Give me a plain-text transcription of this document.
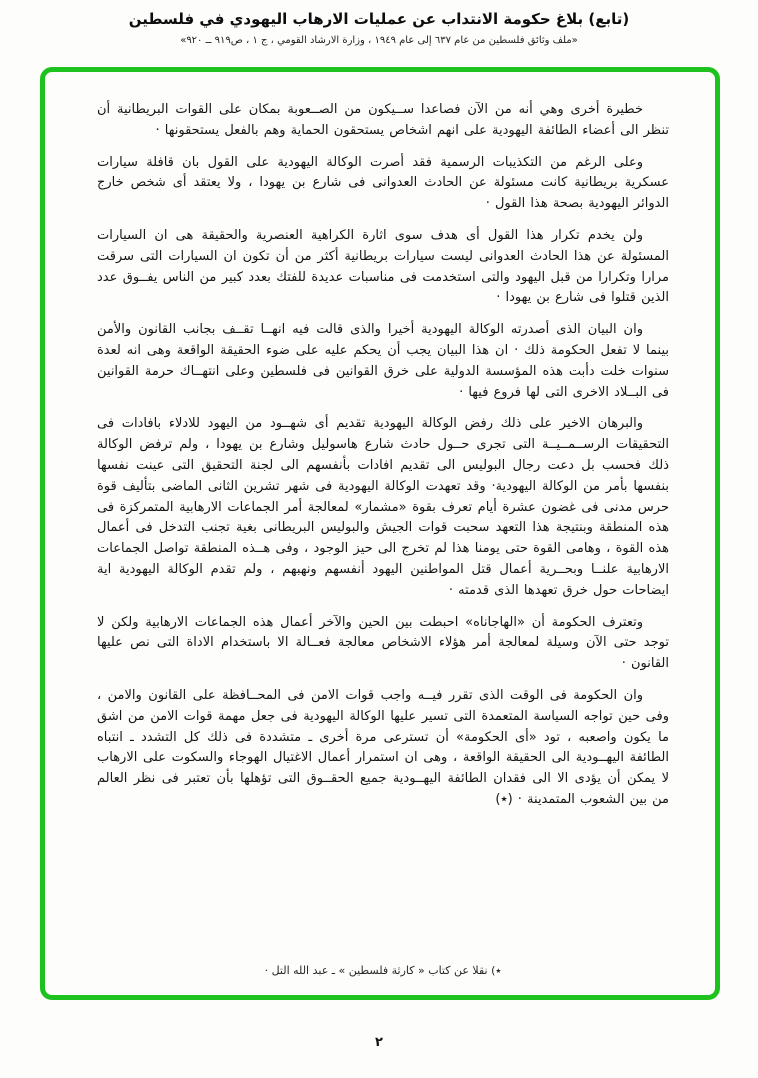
(تابع) بلاغ حكومة الانتداب عن عمليات الارهاب اليهودي في فلسطين
«ملف وثائق فلسطين من عام ٦٣٧ إلى عام ١٩٤٩ ، وزارة الارشاد القومي ، ج ١ ، ص٩١٩ ــ ٩٢٠»

خطيرة أخرى وهي أنه من الآن فصاعدا ســيكون من الصــعوبة بمكان على القوات البريطانية أن تنظر الى أعضاء الطائفة اليهودية على انهم اشخاص يستحقون الحماية وهم بالفعل يستحقونها ·

وعلى الرغم من التكذيبات الرسمية فقد أصرت الوكالة اليهودية على القول بان قافلة سيارات عسكرية بريطانية كانت مسئولة عن الحادث العدوانى فى شارع بن يهودا ، ولا يعتقد أى شخص خارج الدوائر اليهودية بصحة هذا القول ·

ولن يخدم تكرار هذا القول أى هدف سوى اثارة الكراهية العنصرية والحقيقة هى ان السيارات المسئولة عن هذا الحادث العدوانى ليست سيارات بريطانية أكثر من أن تكون ان السيارات التى سرقت مرارا وتكرارا من قبل اليهود والتى استخدمت فى مناسبات عديدة للفتك بعدد كبير من الناس يفــوق عدد الذين قتلوا فى شارع بن يهودا ·

وان البيان الذى أصدرته الوكالة اليهودية أخيرا والذى قالت فيه انهــا تقــف بجانب القانون والأمن بينما لا تفعل الحكومة ذلك · ان هذا البيان يجب أن يحكم عليه على ضوء الحقيقة الواقعة وهى انه لعدة سنوات خلت دأبت هذه المؤسسة الدولية على خرق القوانين فى فلسطين وعلى انتهــاك حرمة القوانين فى البــلاد الاخرى التى لها فروع فيها ·

والبرهان الاخير على ذلك رفض الوكالة اليهودية تقديم أى شهــود من اليهود للادلاء بافادات فى التحقيقات الرســمــيــة التى تجرى حــول حادث شارع هاسوليل وشارع بن يهودا ، ولم ترفض الوكالة ذلك فحسب بل دعت رجال البوليس الى تقديم افادات بأنفسهم الى لجنة التحقيق التى عينت نفسها بنفسها بأمر من الوكالة اليهودية· وقد تعهدت الوكالة اليهودية فى شهر تشرين الثانى الماضى بتأليف قوة حرس مدنى فى غضون عشرة أيام تعرف بقوة «مشمار» لمعالجة أمر الجماعات الارهابية المتمركزة فى هذه المنطقة وبنتيجة هذا التعهد سحبت قوات الجيش والبوليس البريطانى بغية تجنب التدخل فى أعمال هذه القوة ، وهامى القوة حتى يومنا هذا لم تخرج الى حيز الوجود ، وفى هــذه المنطقة تواصل الجماعات الارهابية علنــا وبحــرية أعمال قتل المواطنين اليهود أنفسهم ونهبهم ، ولم تقدم الوكالة اليهودية اية ايضاحات حول خرق تعهدها الذى قدمته ·

وتعترف الحكومة أن «الهاجاناه» احبطت بين الحين والآخر أعمال هذه الجماعات الارهابية ولكن لا توجد حتى الآن وسيلة لمعالجة أمر هؤلاء الاشخاص معالجة فعــالة الا باستخدام الاداة التى نص عليها القانون ·

وان الحكومة فى الوقت الذى تقرر فيــه واجب قوات الامن فى المحــافظة على القانون والامن ، وفى حين تواجه السياسة المتعمدة التى تسير عليها الوكالة اليهودية فى جعل مهمة قوات الامن من اشق ما يكون واصعبه ، تود «أى الحكومة» أن تسترعى مرة أخرى ـ متشددة فى ذلك كل التشدد ـ انتباه الطائفة اليهــودية الى الحقيقة الواقعة ، وهى ان استمرار أعمال الاغتيال الهوجاء والسكوت على الارهاب لا يمكن أن يؤدى الا الى فقدان الطائفة اليهــودية جميع الحقــوق التى تؤهلها بأن تعتبر فى نظر العالم من بين الشعوب المتمدينة · (٭)

٭) نقلا عن كتاب « كارثة فلسطين » ـ عبد الله التل ·
٢
